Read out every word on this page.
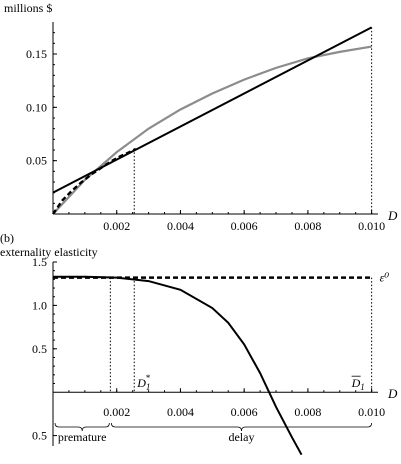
0.002	0.004	0.006	0.008	0.010
0.05
0.10
0.15
millions $
D
(b)
externality elasticity
D
0.002	0.004	0.006	0.008	0.010
1.5
1.0
0.5
0.5
ε⁰
$D_1*$	$D_1$
premature	delay
